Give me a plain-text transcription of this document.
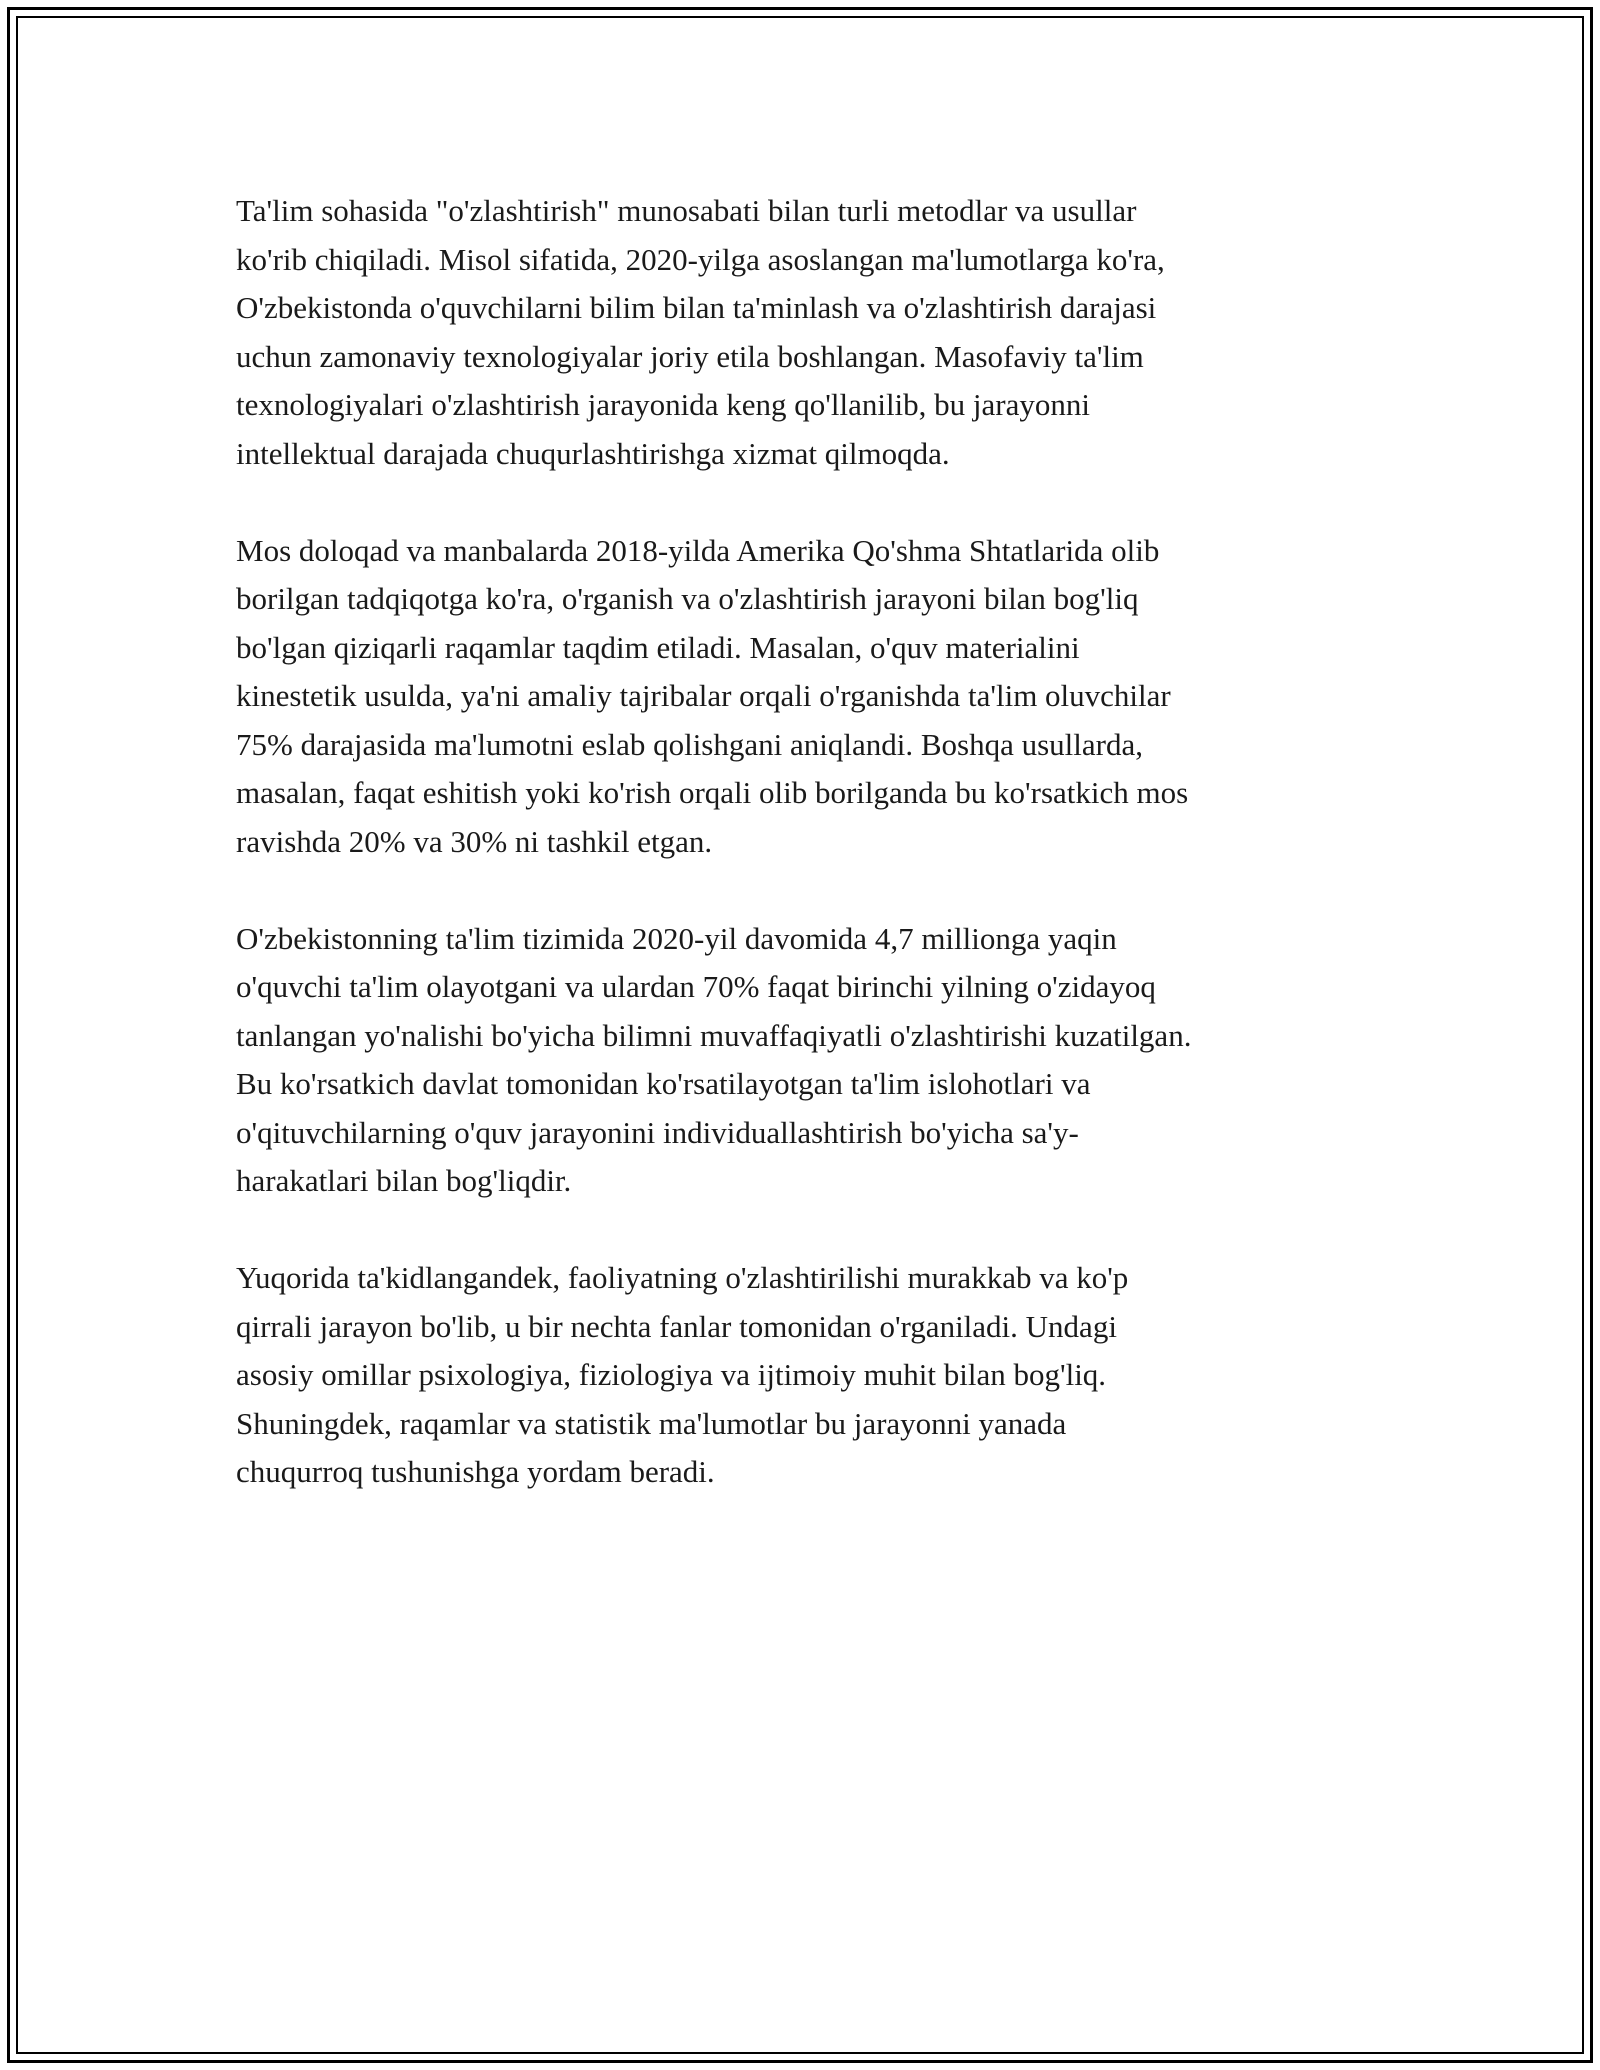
Ta'lim sohasida "o'zlashtirish" munosabati bilan turli metodlar va usullar
ko'rib chiqiladi. Misol sifatida, 2020-yilga asoslangan ma'lumotlarga ko'ra,
O'zbekistonda o'quvchilarni bilim bilan ta'minlash va o'zlashtirish darajasi
uchun zamonaviy texnologiyalar joriy etila boshlangan. Masofaviy ta'lim
texnologiyalari o'zlashtirish jarayonida keng qo'llanilib, bu jarayonni
intellektual darajada chuqurlashtirishga xizmat qilmoqda.

Mos doloqad va manbalarda 2018-yilda Amerika Qo'shma Shtatlarida olib
borilgan tadqiqotga ko'ra, o'rganish va o'zlashtirish jarayoni bilan bog'liq
bo'lgan qiziqarli raqamlar taqdim etiladi. Masalan, o'quv materialini
kinestetik usulda, ya'ni amaliy tajribalar orqali o'rganishda ta'lim oluvchilar
75% darajasida ma'lumotni eslab qolishgani aniqlandi. Boshqa usullarda,
masalan, faqat eshitish yoki ko'rish orqali olib borilganda bu ko'rsatkich mos
ravishda 20% va 30% ni tashkil etgan.

O'zbekistonning ta'lim tizimida 2020-yil davomida 4,7 millionga yaqin
o'quvchi ta'lim olayotgani va ulardan 70% faqat birinchi yilning o'zidayoq
tanlangan yo'nalishi bo'yicha bilimni muvaffaqiyatli o'zlashtirishi kuzatilgan.
Bu ko'rsatkich davlat tomonidan ko'rsatilayotgan ta'lim islohotlari va
o'qituvchilarning o'quv jarayonini individuallashtirish bo'yicha sa'y-
harakatlari bilan bog'liqdir.

Yuqorida ta'kidlangandek, faoliyatning o'zlashtirilishi murakkab va ko'p
qirrali jarayon bo'lib, u bir nechta fanlar tomonidan o'rganiladi. Undagi
asosiy omillar psixologiya, fiziologiya va ijtimoiy muhit bilan bog'liq.
Shuningdek, raqamlar va statistik ma'lumotlar bu jarayonni yanada
chuqurroq tushunishga yordam beradi.
